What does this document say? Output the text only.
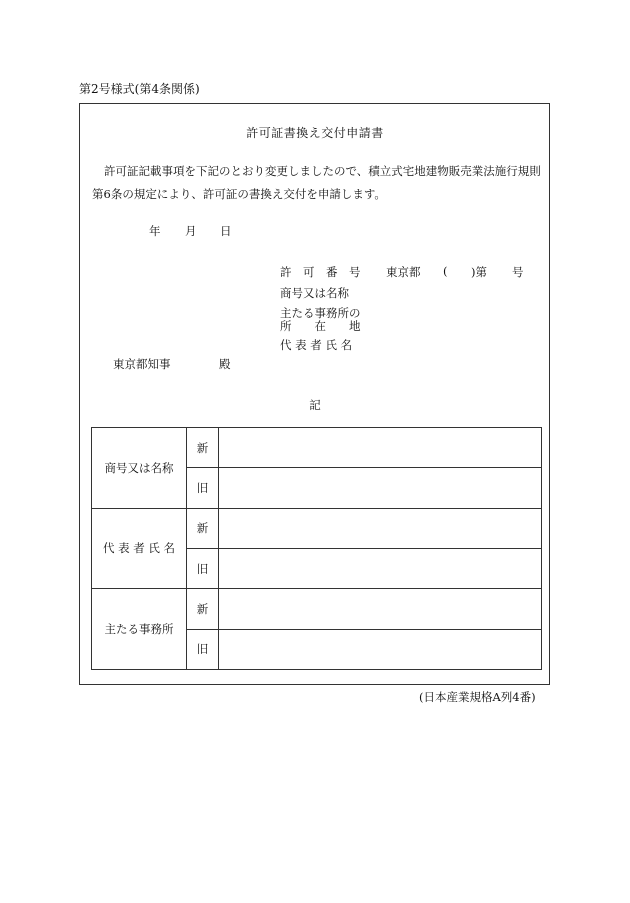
第2号様式(第4条関係)
許可証書換え交付申請書

許可証記載事項を下記のとおり変更しましたので、積立式宅地建物販売業法施行規則

第6条の規定により、許可証の書換え交付を申請します。

年 月 日
許　可　番　号 東京都 ( )第 号
商号又は名称
主たる事務所の
所　　在　　地
代 表 者 氏 名
東京都知事	殿
記
商号又は名称	新	
	旧	
代 表 者 氏 名	新	
	旧	
主たる事務所	新	
	旧	
(日本産業規格A列4番)
